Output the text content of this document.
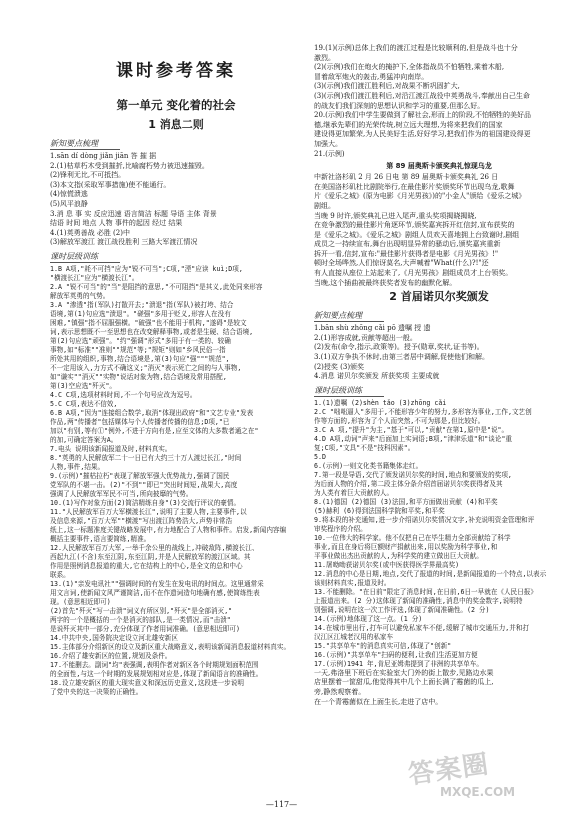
课时参考答案
第一单元 变化着的社会
1 消息二则
新知要点梳理
1.sān dí dòng jiǎn jiān 答 摧 据
2.(1)枯草朽木受到摧折,比喻腐朽势力被迅速摧毁。
(2)锋利无比,不可抵挡。
(3)本文指(采取军事措施)使不能通行。
(4)惊慌溃逃
(5)风平浪静
3.消 息 事 实 反应迅速 语言简洁 标题 导语 主体 背景
结语 时间 地点 人物 事件的起因 经过 结果
4.(1)英勇善战 必胜 (2)中
(3)解放军渡江 渡江战役胜利 三路大军渡江情况
课时层级训练
1.B A项,"耗不可挡"应为"锐不可当";C项,"湮"应读 kuì;D项,
"横渡长江"应为"横渡长江"。
2.A "锐不可当"的"当"是阻挡的意思,"不可阻挡"是其义,此处同来形容
解放军英勇的气势。
3.A "渗透"指(军队)打散开去;"溃退"指(军队)被打垮、结合
语境,第(1)句应选"溃退"。"磋强"多用于贬义,形容人在没有
困难,"镇强"指不屈服强横。"破强"也不能用于机构,"遂碍"是较文
词,表示思想既不一至思想也在改变解释事物,或者是生硬、结合语境,
第(2)句应选"顽强"。"约"强调"形式"多用于有一类的、较确
事物,如"标准""准则""规范"等;"规矩"则如"乡风民俗一指
所处其用的组织,事物,结合语境是,第(3)句应"强"""规范",
不一定用该入,力方式不确这义;"消灭"表示死亡之间的与人事物,
如"谦实""消灭""实物"说话对象为物,结合语境及常用搭配,
第(3)空应选"歼灭"。
4.C C项,选项材料时间,不一个句号应改为逗号。
5.C C项,表达不信效,
6.B A项,"因为"连接组合数学,取消"体现出政府"和"文艺专业"发表
作品,两"传播者"包括媒体与个人传播者传播的信息;D项,"已
加以"有别,等有①"例外,不进于方向有是,应至文体的大多数者通之在"
的加,可确定答案为A。
7.电头 说明该新闻报道及时,材料真实。
8."英勇的人民解放军二十一日已有大约三十万人渡过长江,"时间
人物,事件,结果。
9.(示例)"摧枯拉朽"表现了解放军强大优势战力,强调了国民
党军队的不堪一击。(2)"不到""即已"突出时间短,战果大,高度
强调了人民解放军军民不可当,所向披靡的气势。
10.(1)写作对象方面(2)简洁精练自身"(3)交流行评议的豪情。
11."人民解放军百万大军横渡长江",说明了主要人物,主要事件,以
及信息来源,"百万大军""横渡"写出渡江阵势浩大,声势非常浩
纸上,这一标题准度关键战略发展中,有力地配合了人物和事件。启发,新闻内容编
概括主要事件,语言要简练,精准。
12.人民解放军百万大军,一举千余公里的战线上,冲破敌阵,横渡长江、
西起九江(不含)东至江阴,东至江阴,并是人民解放军的渡江区域。其
作用是照例消息报道的重大,它在结构上的中心,是全文的总和中心
联系。
13.(1)"亲发电讯社""强调时间的有发生在发电讯的时间点。这里通常采
用文言词,使新闻文风严谨简洁,而不在作遗词造句地确有感,使简练性表
现。(意思相近即可)
(2)首先"歼灭"写一击溃"词义有所区别,"歼灭"是全部消灭,"
两字的一个是概括的一个是消灭的部队,是一类情况,而"击溃"
是说歼灭其中一部分,充分体现了作者用词准确。(意思相近即可)
14.中共中央,国务院决定设立河北雄安新区
15.主体部分介绍新区的设立及新区重大战略意义,表明该新闻消息报道材料真实。
16.介绍了雄安新区的位置,规划及条件。
17.不能删去。副词"均"表强调,表明作者对新区各个时期规划面积范围
的全面性,与这一个时期的发展规划相对应是,体现了新闻语言的准确性。
18.设立雄安新区的重大现实意义和深远历史意义,这段进一步说明
了党中央的这一决策的正确性。
19.(1)(示例)总体上我们的渡江过程是比较顺利的,但是战斗也十分
激烈。
(2)(示例)我们在炮火的掩护下,全体指战员不怕牺牲,乘着木船,
冒着敌军炮火的轰击,勇猛冲向南岸。
(3)(示例)我们渡江胜利后,对战果不断巩固扩大,
(3)(示例)我们渡江胜利后,对沿江渡江战役中英勇战斗,奉献出自己生命
的战友们我们深刻的思想认识和学习的重要,但那么好。
20.(示例)我们中学生要做到了解社会,形而上的阶段,不怕牺牲的美好品
德,继承先辈们的光荣传统,树立远大理想,为将来把我们的国家
建设得更加繁荣,为人民美好生活,好好学习,把我们作为的祖国建设得更
加强大。
21.(示例)
第 89 届奥斯卡颁奖典礼惊现乌龙
中新社洛杉矶 2 月 26 日电 第 89 届奥斯卡颁奖典礼 26 日
在美国洛杉矶杜比剧院举行,在最佳影片奖颁奖环节出现乌龙,歌舞
片《爱乐之城》(原为电影《月光男孩》)的"小金人"颁给《爱乐之城》
剧组。
当晚 9 时许,颁奖典礼已进入尾声,重头奖项揭晓揭晓,
在竞争激烈的最佳影片角逐环节,颁奖嘉宾拆开红信封,宣布获奖的
是《爱乐之城》。《爱乐之城》剧组人员欢天喜地拥上台致谢时,剧组
成员之一持续宣布,舞台出现明显异常的骚动后,颁奖嘉宾重新
拆开一看,信封,宣布:"最佳影片获得者是电影《月光男孩》!"
顿时全场哗然,人们惊讶莫名,大声喊着"What(什么)?!"还
有人直接从座位上站起来了,《月光男孩》剧组成员才上台领奖。
当晚,这个插曲被最终获奖者发布的幽默化解。
2 首届诺贝尔奖颁发
新知要点梳理
1.bān shù zhōng cǎi pō 遗嘱 授 遗
2.(1)形容成就,贡献等超出一般。
(2)发布(命令,指示,政策等)。授予(勋章,奖状,证书等)。
3.(1)双方争执不休时,由第三者居中调解,促使他们和解。
(2)授奖 (3)颁奖
4.消息 诺贝尔奖颁发 所获奖项 主要成就
课时层级训练
1.(1)遗嘱 (2)shèn tǎo (3)zhōng cǎi
2.C "咄咄逼人"多用于,不能形容少年的努力,多形容为事业,工作,文艺创
作等方面的,形容为了个人而突然,不可为那是,但比较好。
3.C A 项,"提升"为主,"基于"可以,"贡献"在第1,原中是"说"。
4.D A项,动词"声来"后面加上实词语;B项,"津津乐道"和"谈论"重
复;C项,"文具"不是"技科因素"。
5.D
6.(示例)一则文化类书籍集体走红。
7.第一段是导语,交代了颁发诺贝尔奖的时间,地点和要颁发的奖项,
为后面人物的介绍,第二段主体分条介绍首届诺贝尔奖获得者及其
为人类有着巨大贡献的人。
8.(1)德国 (2)德国 (3)法国,和平方面做出贡献 (4)和平奖
(5)赫利 (6)得到法国科学院和平奖,和平奖
9.将本段的补充通知,进一步介绍诺贝尔奖情况文字,补充说明资金管理和评
审奖程序的介绍。
10.一位伟大的科学家。他不仅把自己在毕生精力全部贡献给了科学
事业,而且在身后将巨额财产捐献出来,用以奖励为科学事业,和
平事业做出杰出贡献的人,为科学奖的建立做出巨大贡献。
11.屠呦呦获诺贝尔奖(或中医获得医学界最高奖)
12.消息的中心是日期,地点,交代了报道的时间,是新闻报道的一个特点,以表示
该则材料真实,报道及时。
13.不能删除。"在日前"限定了消息时间,在日前,6日一早就在《人民日报》
上报道出来。(2 分)这体现了新闻的准确性,消息中的奖金数字,说明特
别强调,说明在这一次工作评选,体现了新闻准确性。(2 分)
14.(示例)地体现了这一点。(1 分)
14.在城市里出行,打车可以避免私家车不便,缓解了城市交通压力,并和打
汉江区江城老汉用的私家车
15."共享单车"的消息真实可信,体现了"创新"
16.(示例)"共享单车"扫码的便利,让我们生活更加方便
17.(示例)1941 年,肯尼亚姆弗提到了非洲的共享单车。
一天,弗洛里下班后在实验室大门外的街上散步,见路边水果
店里摆着一筐甜瓜,他觉得其中几个上面长满了霉菌的瓜上,
旁,静然观察着。
在一个青霉菌似在上面生长,走进了店中。
—117—
答案圈
MXQE.COM
